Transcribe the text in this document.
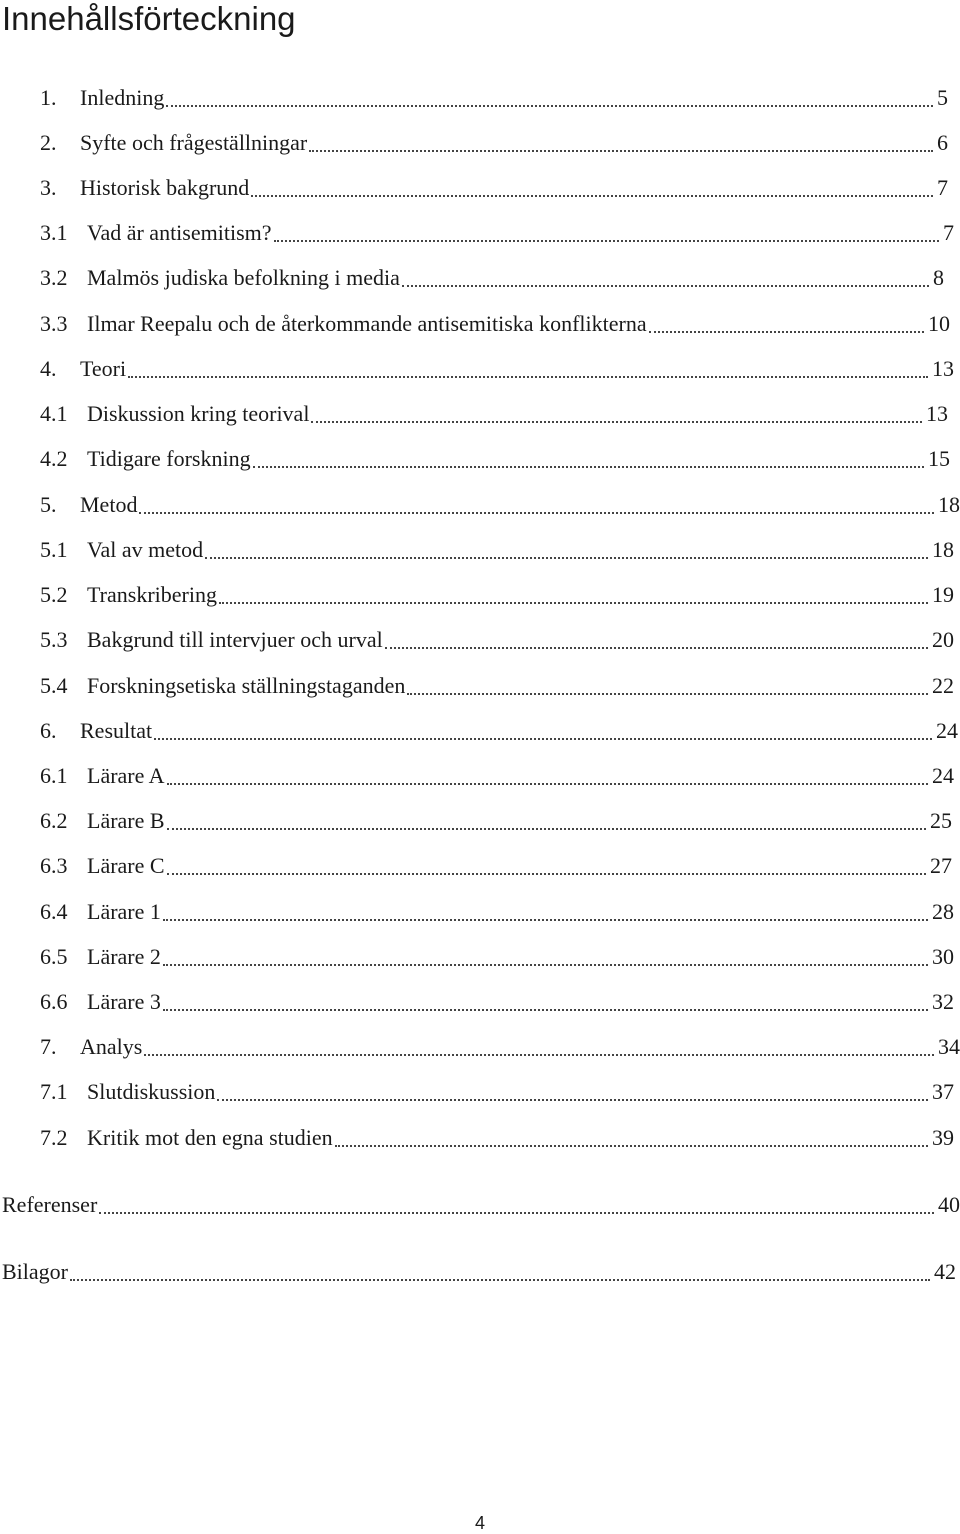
Innehållsförteckning
1.	Inledning	5
2.	Syfte och frågeställningar	6
3.	Historisk bakgrund	7
3.1 Vad är antisemitism?	7
3.2 Malmös judiska befolkning i media	8
3.3 Ilmar Reepalu och de återkommande antisemitiska konflikterna	10
4.	Teori	13
4.1 Diskussion kring teorival	13
4.2 Tidigare forskning	15
5.	Metod	18
5.1 Val av metod	18
5.2 Transkribering	19
5.3 Bakgrund till intervjuer och urval	20
5.4 Forskningsetiska ställningstaganden	22
6.	Resultat	24
6.1 Lärare A	24
6.2 Lärare B	25
6.3 Lärare C	27
6.4 Lärare 1	28
6.5 Lärare 2	30
6.6 Lärare 3	32
7.	Analys	34
7.1 Slutdiskussion	37
7.2 Kritik mot den egna studien	39
Referenser	40
Bilagor	42
4
